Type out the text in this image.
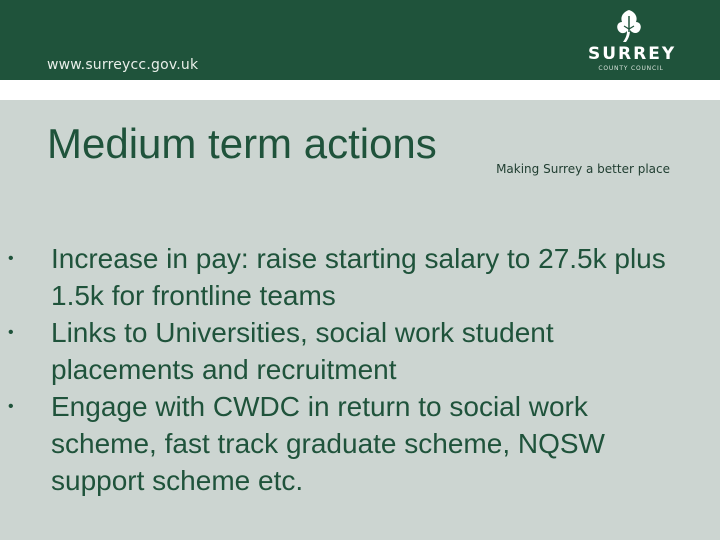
www.surreycc.gov.uk
SURREY
COUNTY COUNCIL
Making Surrey a better place
Medium term actions
• Increase in pay: raise starting salary to 27.5k plus 1.5k for frontline teams
• Links to Universities, social work student placements and recruitment
• Engage with CWDC in return to social work scheme, fast track graduate scheme, NQSW support scheme etc.
